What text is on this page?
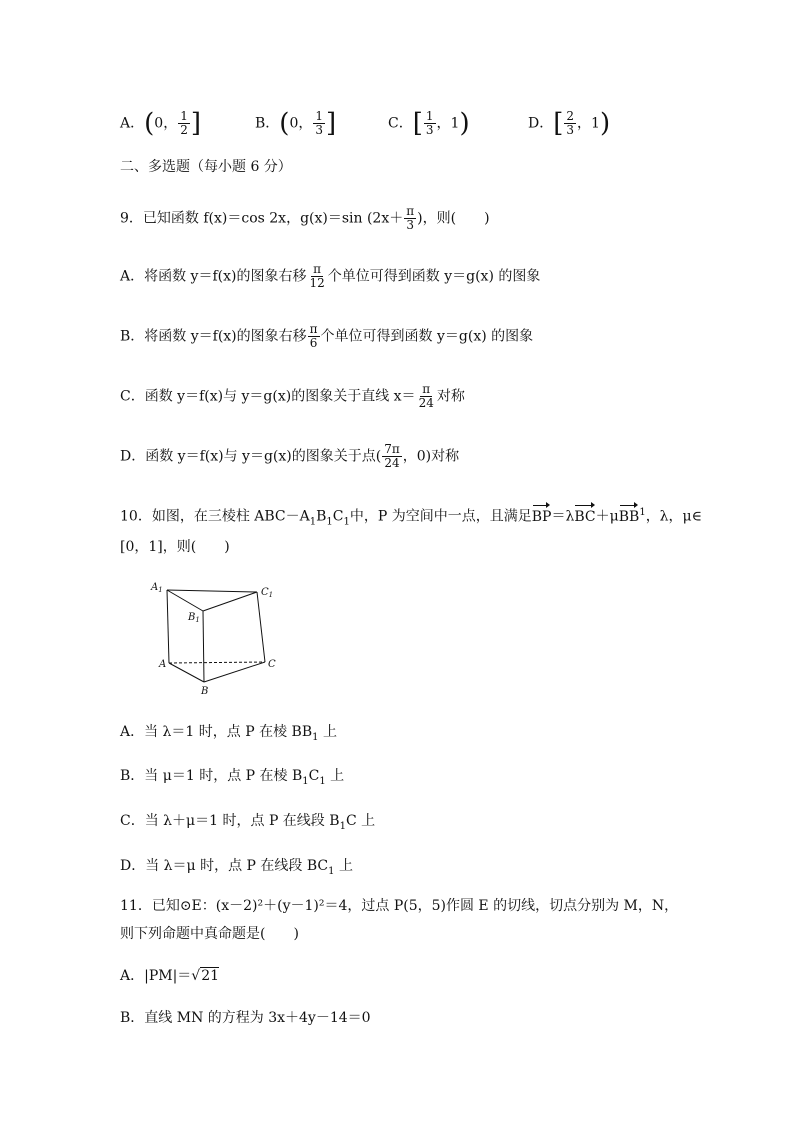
A．(0， $\frac{1}{2}$ ]	B．(0， $\frac{1}{3}$ ]	C．[ $\frac{1}{3}$ ，1)	D．[ $\frac{2}{3}$ ，1)
二、多选题（每小题 6 分）
9．已知函数 f(x)＝cos 2x，g(x)＝sin ($2x+ \frac{\pi}{3}$ )，则(　　)
A．将函数 y＝f(x)的图象右移 $\frac{\pi}{12}$ 个单位可得到函数 y＝g(x) 的图象
B．将函数 y＝f(x)的图象右移 $\frac{\pi}{6}$ 个单位可得到函数 y＝g(x) 的图象
C．函数 y＝f(x)与 y＝g(x)的图象关于直线 $x= \frac{\pi}{24}$ 对称
D．函数 y＝f(x)与 y＝g(x)的图象关于点( $\frac{7\pi}{24}$ ，0)对称
10．如图，在三棱柱 $ABC-A_1B_1C_1$中，P 为空间中一点，且满足BP＝λBC＋μBB$^1$，λ，μ∈
[0，1]，则(　　)
$A_1$	$C_1$
$B_1$
A	C
B
A．当 λ＝1 时，点 P 在棱 $BB_1$ 上
B．当 μ＝1 时，点 P 在棱 $B_1C_1$ 上
C．当 λ＋μ＝1 时，点 P 在线段 $B_1C$ 上
D．当 λ＝μ 时，点 P 在线段 $BC_1$ 上
11．已知⊙E：(x－2)²＋(y－1)²＝4，过点 P(5，5)作圆 E 的切线，切点分别为 M，N，
则下列命题中真命题是(　　)
A．|PM|＝√21
B．直线 MN 的方程为 3x＋4y－14＝0
